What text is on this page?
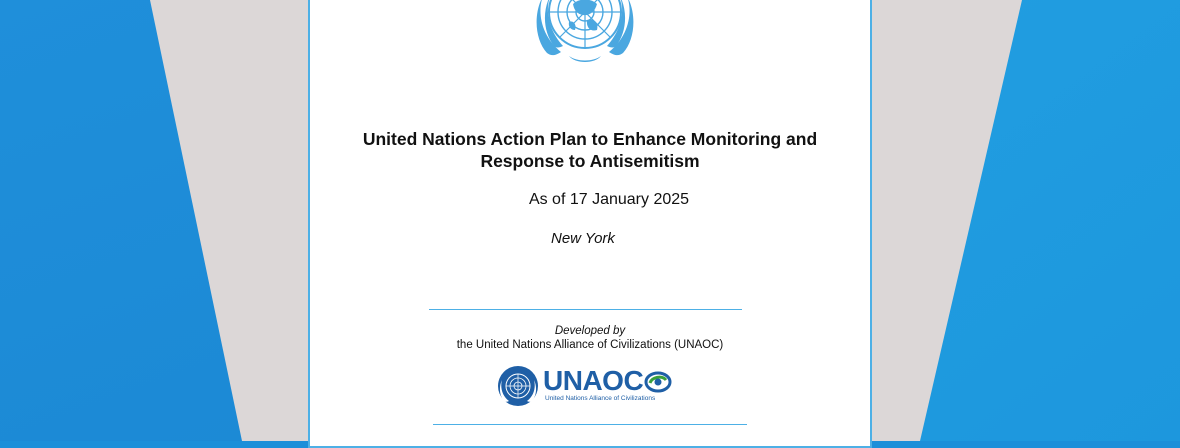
United Nations Action Plan to Enhance Monitoring and
Response to Antisemitism
As of 17 January 2025
New York
Developed by
the United Nations Alliance of Civilizations (UNAOC)
UNAOC
United Nations Alliance of Civilizations
